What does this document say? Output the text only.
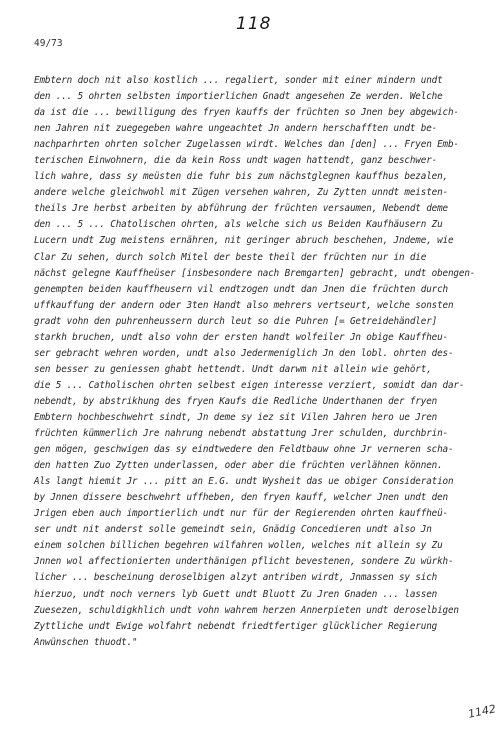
118
49/73
Embtern doch nit also kostlich ... regaliert, sonder mit einer mindern undt
den ... 5 ohrten selbsten importierlichen Gnadt angesehen Ze werden. Welche
da ist die ... bewilligung des fryen kauffs der früchten so Jnen bey abgewich-
nen Jahren nit zuegegeben wahre ungeachtet Jn andern herschafften undt be-
nachparhrten ohrten solcher Zugelassen wirdt. Welches dan [den] ... Fryen Emb-
terischen Einwohnern, die da kein Ross undt wagen hattendt, ganz beschwer-
lich wahre, dass sy meüsten die fuhr bis zum nächstglegnen kauffhus bezalen,
andere welche gleichwohl mit Zügen versehen wahren, Zu Zytten unndt meisten-
theils Jre herbst arbeiten by abführung der früchten versaumen, Nebendt deme
den ... 5 ... Chatolischen ohrten, als welche sich us Beiden Kaufhäusern Zu
Lucern undt Zug meistens ernähren, nit geringer abruch beschehen, Jndeme, wie
Clar Zu sehen, durch solch Mitel der beste theil der früchten nur in die
nächst gelegne Kauffheüser [insbesondere nach Bremgarten] gebracht, undt obengen-
genempten beiden kauffheusern vil endtzogen undt dan Jnen die früchten durch
uffkauffung der andern oder 3ten Handt also mehrers vertseurt, welche sonsten
gradt vohn den puhrenheussern durch leut so die Puhren [= Getreidehändler]
starkh bruchen, undt also vohn der ersten handt wolfeiler Jn obige Kauffheu-
ser gebracht wehren worden, undt also Jedermeniglich Jn den lobl. ohrten des-
sen besser zu geniessen ghabt hettendt. Undt darwm nit allein wie gehört,
die 5 ... Catholischen ohrten selbest eigen interesse verziert, somidt dan dar-
nebendt, by abstrikhung des fryen Kaufs die Redliche Underthanen der fryen
Embtern hochbeschwehrt sindt, Jn deme sy iez sit Vilen Jahren hero ue Jren
früchten kümmerlich Jre nahrung nebendt abstattung Jrer schulden, durchbrin-
gen mögen, geschwigen das sy eindtwedere den Feldtbauw ohne Jr verneren scha-
den hatten Zuo Zytten underlassen, oder aber die früchten verlähnen können.
Als langt hiemit Jr ... pitt an E.G. undt Wysheit das ue obiger Consideration
by Jnnen dissere beschwehrt uffheben, den fryen kauff, welcher Jnen undt den
Jrigen eben auch importierlich undt nur für der Regierenden ohrten kauffheü-
ser undt nit anderst solle gemeindt sein, Gnädig Concedieren undt also Jn
einem solchen billichen begehren wilfahren wollen, welches nit allein sy Zu
Jnnen wol affectionierten underthänigen pflicht bevestenen, sondere Zu würkh-
licher ... bescheinung deroselbigen alzyt antriben wirdt, Jnmassen sy sich
hierzuo, undt noch verners lyb Guett undt Bluott Zu Jren Gnaden ... lassen
Zuesezen, schuldigkhlich undt vohn wahrem herzen Annerpieten undt deroselbigen
Zyttliche undt Ewige wolfahrt nebendt friedtfertiger glücklicher Regierung
Anwünschen thuodt."
1142
